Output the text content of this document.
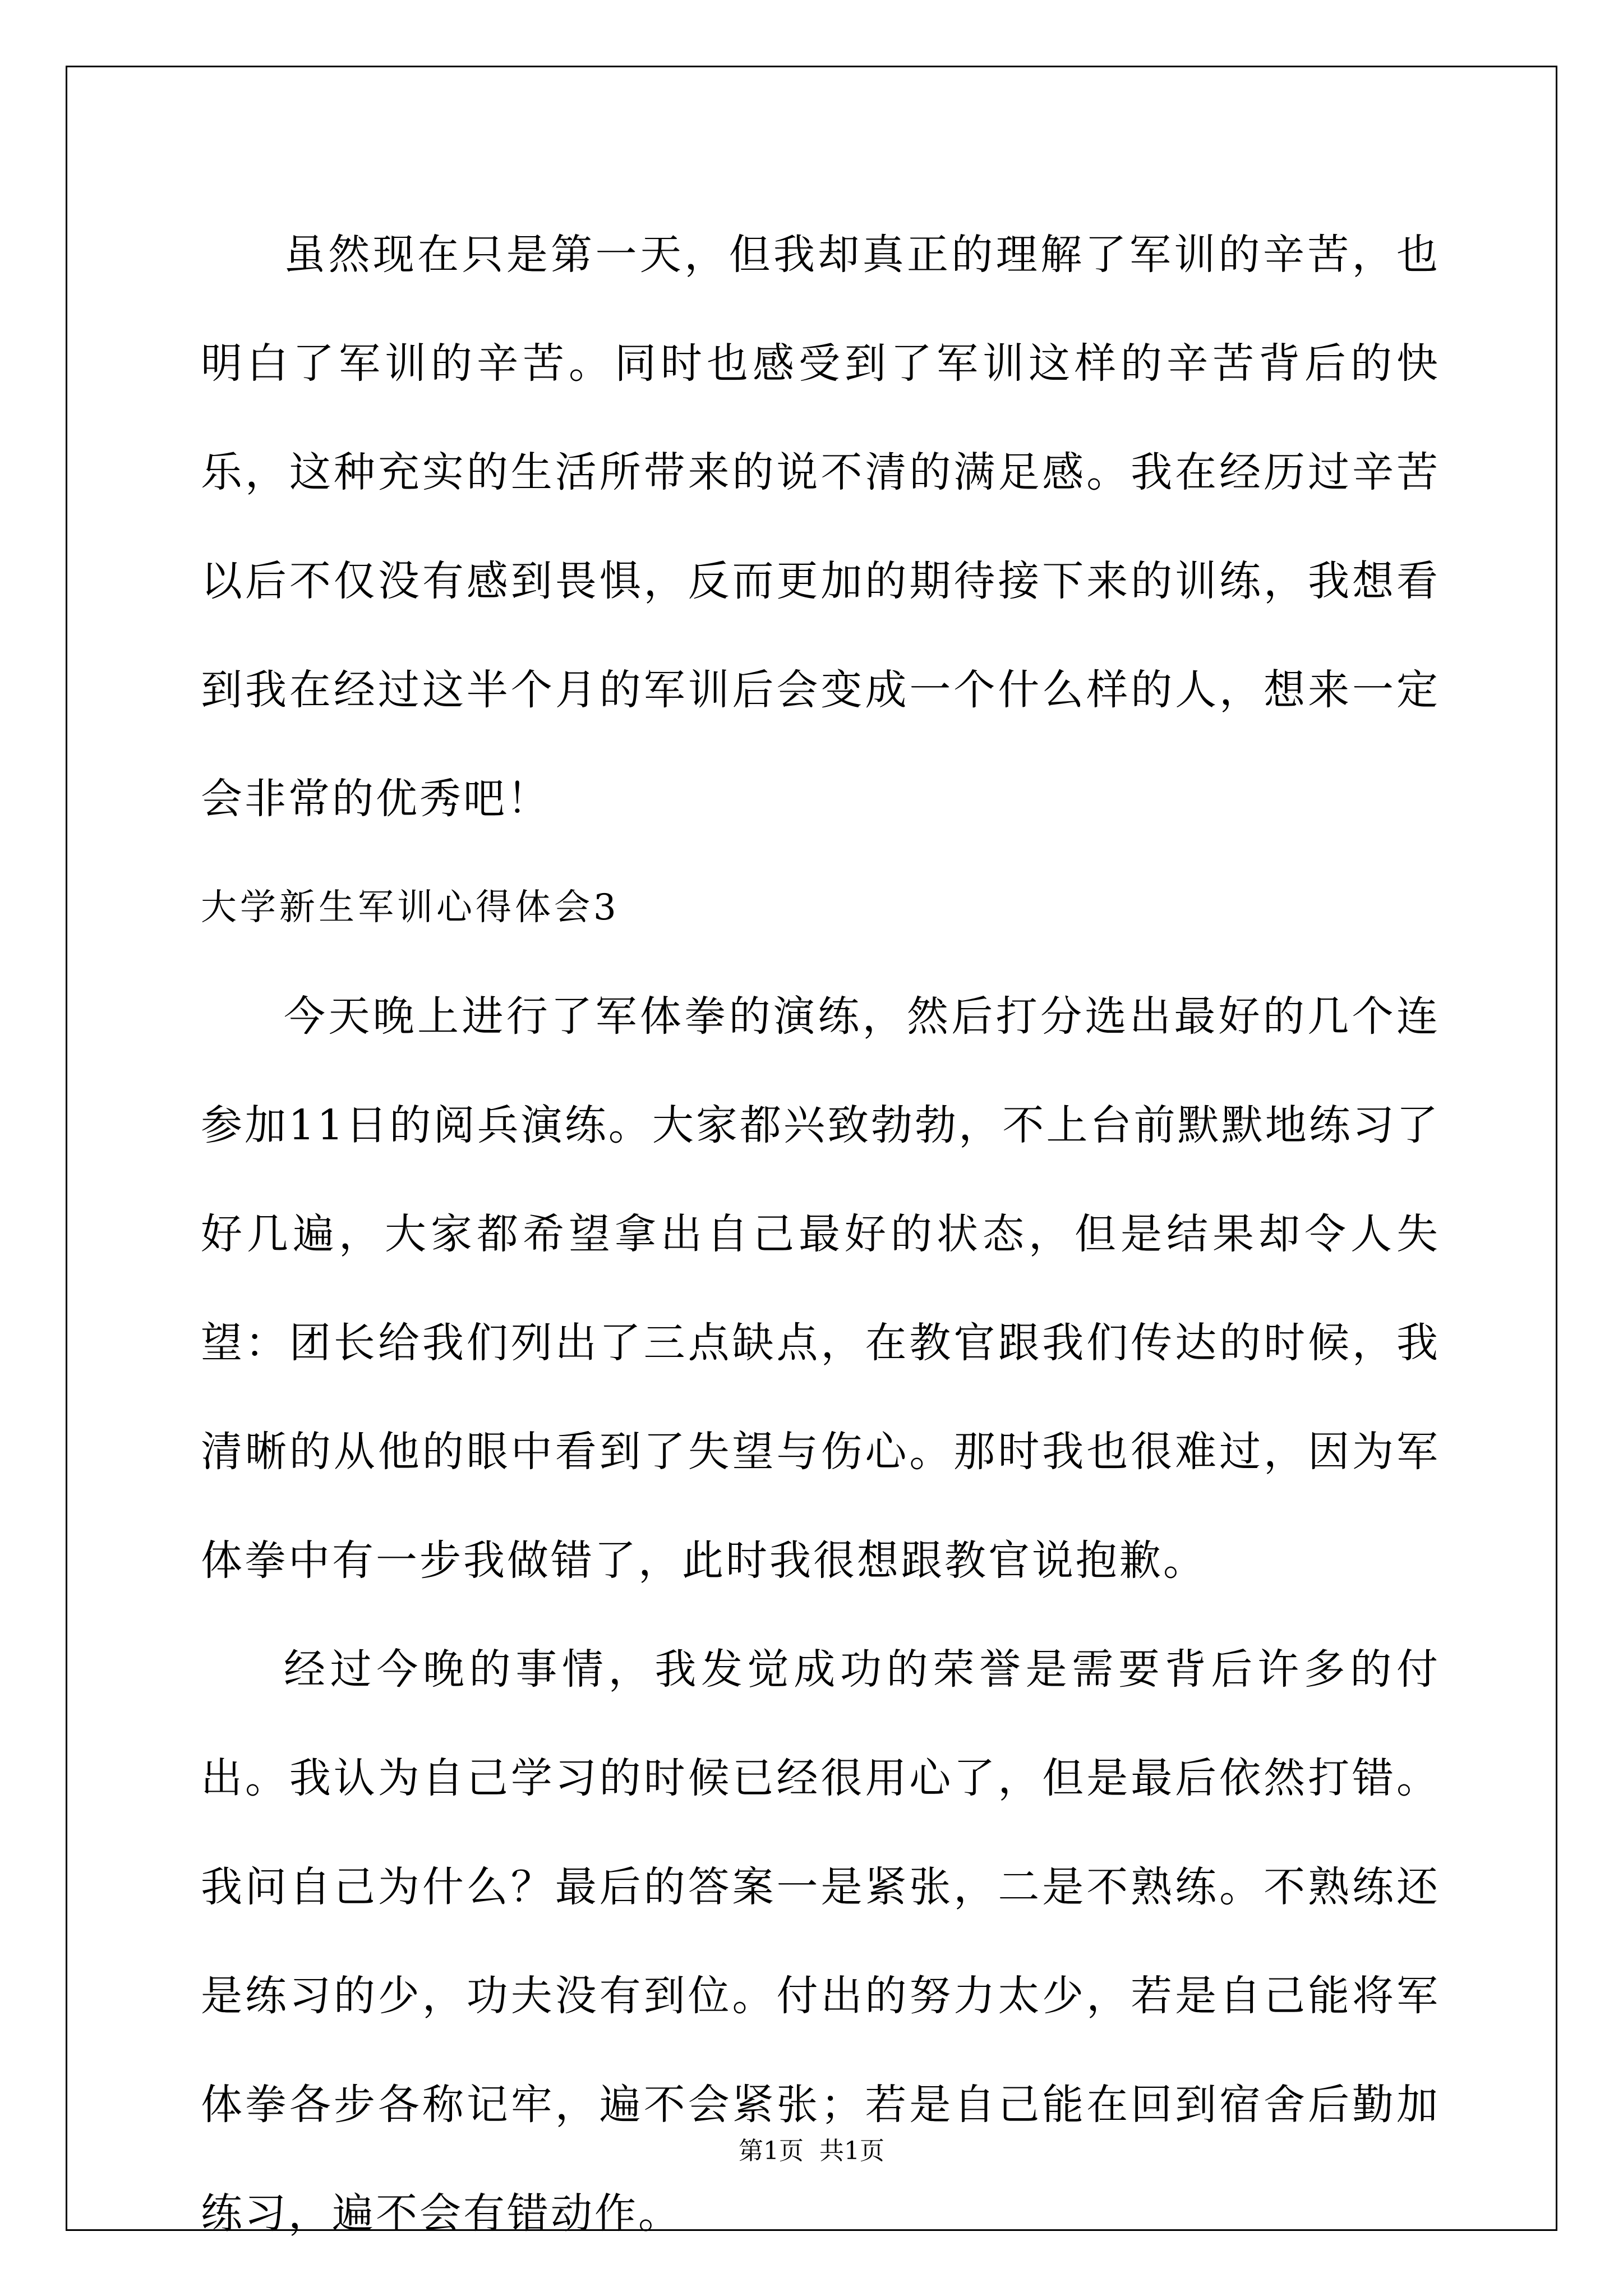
虽然现在只是第一天，但我却真正的理解了军训的辛苦，也明白了军训的辛苦。同时也感受到了军训这样的辛苦背后的快乐，这种充实的生活所带来的说不清的满足感。我在经历过辛苦以后不仅没有感到畏惧，反而更加的期待接下来的训练，我想看到我在经过这半个月的军训后会变成一个什么样的人，想来一定会非常的优秀吧！

大学新生军训心得体会3

今天晚上进行了军体拳的演练，然后打分选出最好的几个连参加11日的阅兵演练。大家都兴致勃勃，不上台前默默地练习了好几遍，大家都希望拿出自己最好的状态，但是结果却令人失望：团长给我们列出了三点缺点，在教官跟我们传达的时候，我清晰的从他的眼中看到了失望与伤心。那时我也很难过，因为军体拳中有一步我做错了，此时我很想跟教官说抱歉。

经过今晚的事情，我发觉成功的荣誉是需要背后许多的付出。我认为自己学习的时候已经很用心了，但是最后依然打错。我问自己为什么？最后的答案一是紧张，二是不熟练。不熟练还是练习的少，功夫没有到位。付出的努力太少，若是自己能将军体拳各步各称记牢，遍不会紧张；若是自己能在回到宿舍后勤加练习，遍不会有错动作。

第1页  共1页
